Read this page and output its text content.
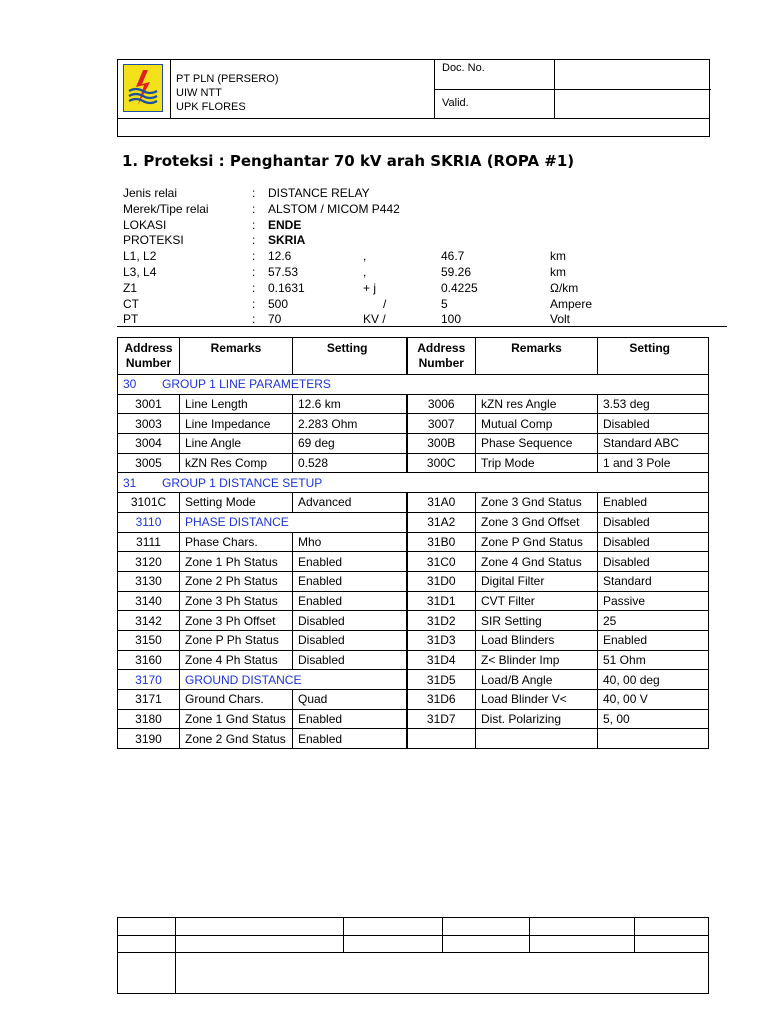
PT PLN (PERSERO)
UIW NTT
UPK FLORES
Doc. No.
Valid.
1. Proteksi : Penghantar 70 kV arah SKRIA (ROPA #1)
Jenis relai	: DISTANCE RELAY
Merek/Tipe relai	: ALSTOM / MICOM P442
LOKASI	: ENDE
PROTEKSI	: SKRIA
L1, L2	: 12.6	,	46.7	km
L3, L4	: 57.53	,	59.26	km
Z1	: 0.1631	+ j	0.4225	Ω/km
CT	: 500	/	5	Ampere
PT	: 70	KV /	100	Volt
Address
Number	Remarks	Setting	Address
Number	Remarks	Setting
30 GROUP 1 LINE PARAMETERS					
3001	Line Length	12.6 km	3006	kZN res Angle	3.53 deg
3003	Line Impedance	2.283 Ohm	3007	Mutual Comp	Disabled
3004	Line Angle	69 deg	300B	Phase Sequence	Standard ABC
3005	kZN Res Comp	0.528	300C	Trip Mode	1 and 3 Pole
31 GROUP 1 DISTANCE SETUP					
3101C	Setting Mode	Advanced	31A0	Zone 3 Gnd Status	Enabled
3110	PHASE DISTANCE		31A2	Zone 3 Gnd Offset	Disabled
3111	Phase Chars.	Mho	31B0	Zone P Gnd Status	Disabled
3120	Zone 1 Ph Status	Enabled	31C0	Zone 4 Gnd Status	Disabled
3130	Zone 2 Ph Status	Enabled	31D0	Digital Filter	Standard
3140	Zone 3 Ph Status	Enabled	31D1	CVT Filter	Passive
3142	Zone 3 Ph Offset	Disabled	31D2	SIR Setting	25
3150	Zone P Ph Status	Disabled	31D3	Load Blinders	Enabled
3160	Zone 4 Ph Status	Disabled	31D4	Z< Blinder Imp	51 Ohm
3170	GROUND DISTANCE		31D5	Load/B Angle	40, 00 deg
3171	Ground Chars.	Quad	31D6	Load Blinder V<	40, 00 V
3180	Zone 1 Gnd Status	Enabled	31D7	Dist. Polarizing	5, 00
3190	Zone 2 Gnd Status	Enabled			
